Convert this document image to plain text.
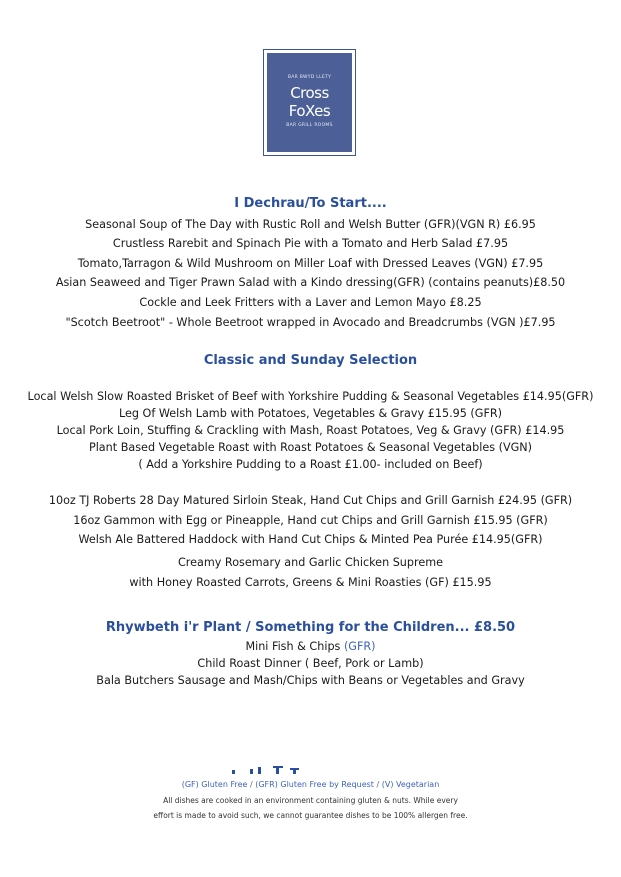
BAR BWYD LLETY
Cross
FoXes
BAR GRILL ROOMS
I Dechrau/To Start....

Seasonal Soup of The Day with Rustic Roll and Welsh Butter (GFR)(VGN R) £6.95

Crustless Rarebit and Spinach Pie with a Tomato and Herb Salad £7.95

Tomato,Tarragon & Wild Mushroom on Miller Loaf with Dressed Leaves (VGN) £7.95

Asian Seaweed and Tiger Prawn Salad with a Kindo dressing(GFR) (contains peanuts)£8.50

Cockle and Leek Fritters with a Laver and Lemon Mayo £8.25

"Scotch Beetroot" - Whole Beetroot wrapped in Avocado and Breadcrumbs (VGN )£7.95

Classic and Sunday Selection

Local Welsh Slow Roasted Brisket of Beef with Yorkshire Pudding & Seasonal Vegetables £14.95(GFR)

Leg Of Welsh Lamb with Potatoes, Vegetables & Gravy £15.95 (GFR)

Local Pork Loin, Stuffing & Crackling with Mash, Roast Potatoes, Veg & Gravy (GFR) £14.95

Plant Based Vegetable Roast with Roast Potatoes & Seasonal Vegetables (VGN)

( Add a Yorkshire Pudding to a Roast £1.00- included on Beef)

10oz TJ Roberts 28 Day Matured Sirloin Steak, Hand Cut Chips and Grill Garnish £24.95 (GFR)

16oz Gammon with Egg or Pineapple, Hand cut Chips and Grill Garnish £15.95 (GFR)

Welsh Ale Battered Haddock with Hand Cut Chips & Minted Pea Purée £14.95(GFR)

Creamy Rosemary and Garlic Chicken Supreme

with Honey Roasted Carrots, Greens & Mini Roasties (GF) £15.95

Rhywbeth i'r Plant / Something for the Children... £8.50

Mini Fish & Chips (GFR)

Child Roast Dinner ( Beef, Pork or Lamb)

Bala Butchers Sausage and Mash/Chips with Beans or Vegetables and Gravy

(GF) Gluten Free / (GFR) Gluten Free by Request / (V) Vegetarian
All dishes are cooked in an environment containing gluten & nuts. While every
effort is made to avoid such, we cannot guarantee dishes to be 100% allergen free.
